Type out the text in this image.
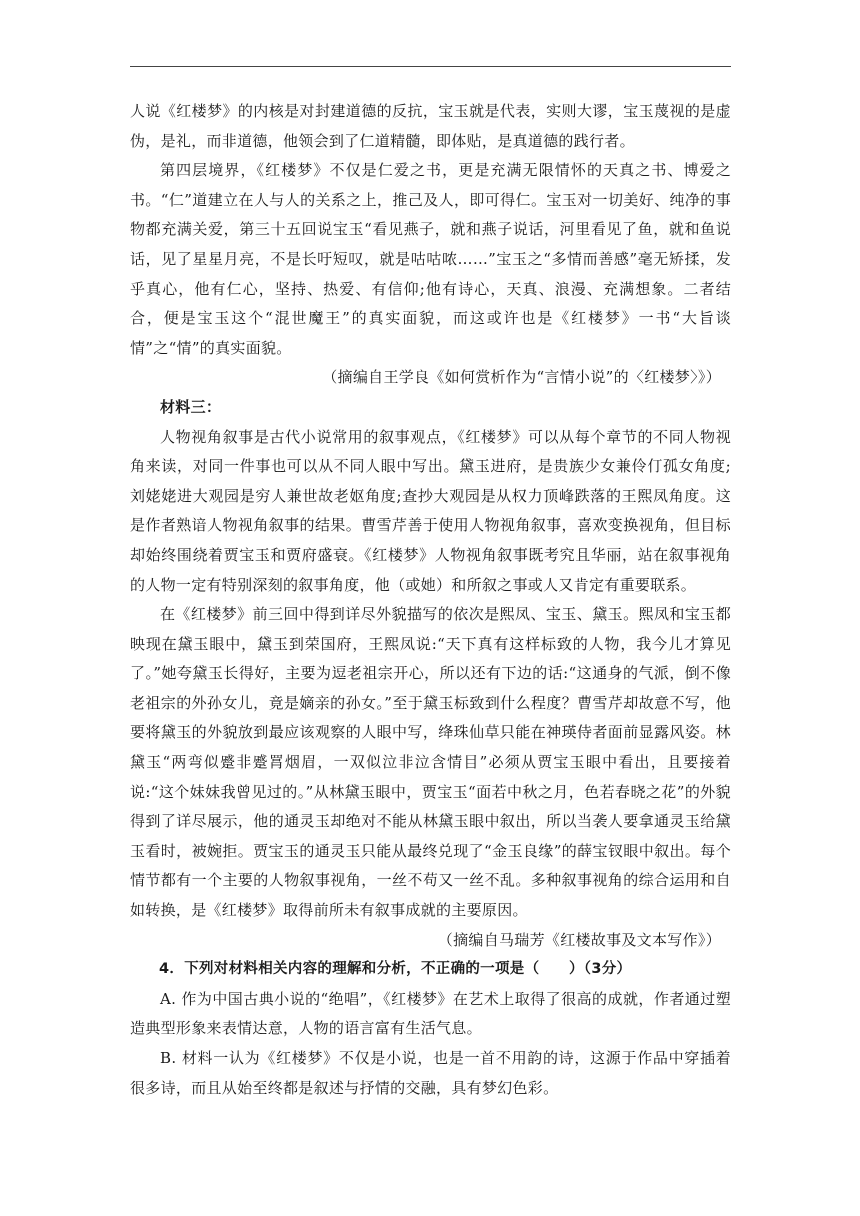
人说《红楼梦》的内核是对封建道德的反抗，宝玉就是代表，实则大谬，宝玉蔑视的是虚伪，是礼，而非道德，他领会到了仁道精髓，即体贴，是真道德的践行者。

第四层境界，《红楼梦》不仅是仁爱之书，更是充满无限情怀的天真之书、博爱之书。“仁”道建立在人与人的关系之上，推己及人，即可得仁。宝玉对一切美好、纯净的事物都充满关爱，第三十五回说宝玉“看见燕子，就和燕子说话，河里看见了鱼，就和鱼说话，见了星星月亮，不是长吁短叹，就是咕咕哝……”宝玉之“多情而善感”毫无矫揉，发乎真心，他有仁心，坚持、热爱、有信仰;他有诗心，天真、浪漫、充满想象。二者结合，便是宝玉这个“混世魔王”的真实面貌，而这或许也是《红楼梦》一书“大旨谈情”之“情”的真实面貌。

（摘编自王学良《如何赏析作为“言情小说”的〈红楼梦〉》）

材料三：

人物视角叙事是古代小说常用的叙事观点，《红楼梦》可以从每个章节的不同人物视角来读，对同一件事也可以从不同人眼中写出。黛玉进府，是贵族少女兼伶仃孤女角度;刘姥姥进大观园是穷人兼世故老妪角度;查抄大观园是从权力顶峰跌落的王熙凤角度。这是作者熟谙人物视角叙事的结果。曹雪芹善于使用人物视角叙事，喜欢变换视角，但目标却始终围绕着贾宝玉和贾府盛衰。《红楼梦》人物视角叙事既考究且华丽，站在叙事视角的人物一定有特别深刻的叙事角度，他（或她）和所叙之事或人又肯定有重要联系。

在《红楼梦》前三回中得到详尽外貌描写的依次是熙凤、宝玉、黛玉。熙凤和宝玉都映现在黛玉眼中，黛玉到荣国府，王熙凤说:“天下真有这样标致的人物，我今儿才算见了。”她夸黛玉长得好，主要为逗老祖宗开心，所以还有下边的话:“这通身的气派，倒不像老祖宗的外孙女儿，竟是嫡亲的孙女。”至于黛玉标致到什么程度？曹雪芹却故意不写，他要将黛玉的外貌放到最应该观察的人眼中写，绛珠仙草只能在神瑛侍者面前显露风姿。林黛玉“两弯似蹙非蹙罥烟眉，一双似泣非泣含情目”必须从贾宝玉眼中看出，且要接着说:“这个妹妹我曾见过的。”从林黛玉眼中，贾宝玉“面若中秋之月，色若春晓之花”的外貌得到了详尽展示，他的通灵玉却绝对不能从林黛玉眼中叙出，所以当袭人要拿通灵玉给黛玉看时，被婉拒。贾宝玉的通灵玉只能从最终兑现了“金玉良缘”的薛宝钗眼中叙出。每个情节都有一个主要的人物叙事视角，一丝不苟又一丝不乱。多种叙事视角的综合运用和自如转换，是《红楼梦》取得前所未有叙事成就的主要原因。

（摘编自马瑞芳《红楼故事及文本写作》）

4．下列对材料相关内容的理解和分析，不正确的一项是（　　）（3分）

A. 作为中国古典小说的“绝唱”，《红楼梦》在艺术上取得了很高的成就，作者通过塑造典型形象来表情达意，人物的语言富有生活气息。

B. 材料一认为《红楼梦》不仅是小说，也是一首不用韵的诗，这源于作品中穿插着很多诗，而且从始至终都是叙述与抒情的交融，具有梦幻色彩。
